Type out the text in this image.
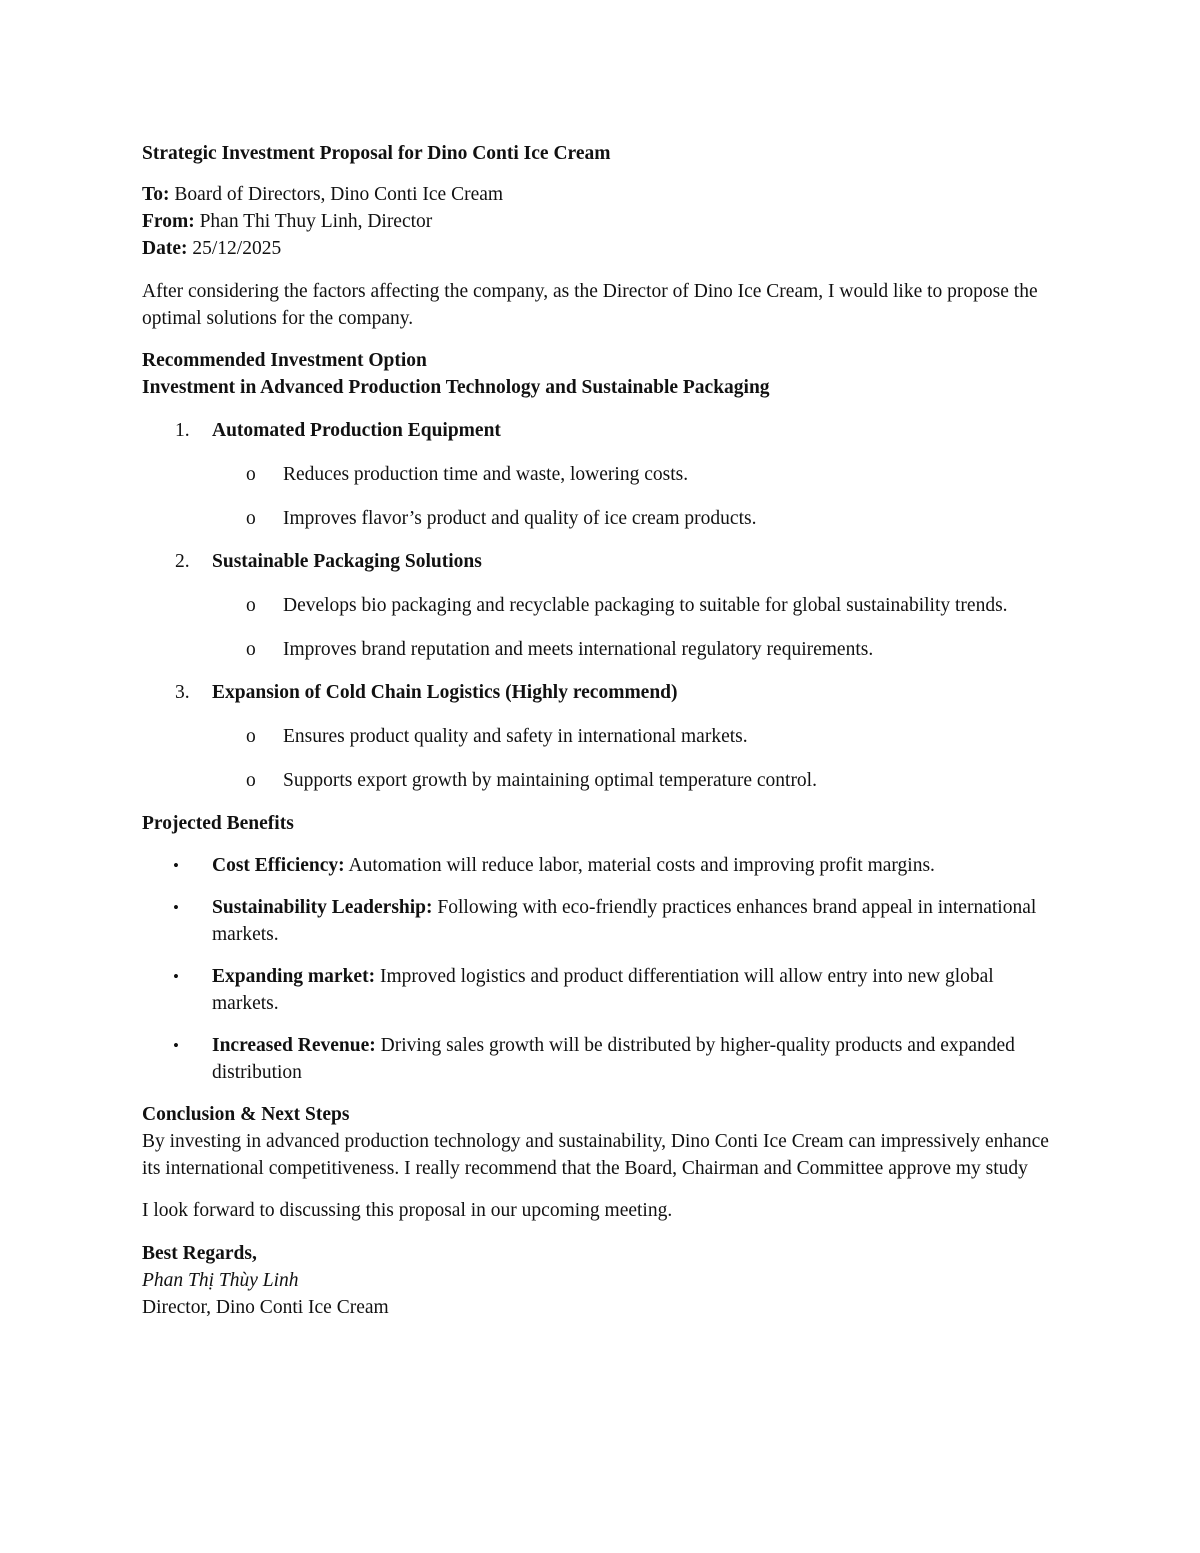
Strategic Investment Proposal for Dino Conti Ice Cream

To: Board of Directors, Dino Conti Ice Cream

From: Phan Thi Thuy Linh, Director

Date: 25/12/2025

After considering the factors affecting the company, as the Director of Dino Ice Cream, I would like to propose the optimal solutions for the company.

Recommended Investment Option

Investment in Advanced Production Technology and Sustainable Packaging

1. Automated Production Equipment
o Reduces production time and waste, lowering costs.
o Improves flavor’s product and quality of ice cream products.
2. Sustainable Packaging Solutions
o Develops bio packaging and recyclable packaging to suitable for global sustainability trends.
o Improves brand reputation and meets international regulatory requirements.
3. Expansion of Cold Chain Logistics (Highly recommend)
o Ensures product quality and safety in international markets.
o Supports export growth by maintaining optimal temperature control.

Projected Benefits

• Cost Efficiency: Automation will reduce labor, material costs and improving profit margins.
• Sustainability Leadership: Following with eco-friendly practices enhances brand appeal in international markets.
• Expanding market: Improved logistics and product differentiation will allow entry into new global markets.
• Increased Revenue: Driving sales growth will be distributed by higher-quality products and expanded distribution

Conclusion & Next Steps

By investing in advanced production technology and sustainability, Dino Conti Ice Cream can impressively enhance its international competitiveness. I really recommend that the Board, Chairman and Committee approve my study

I look forward to discussing this proposal in our upcoming meeting.

Best Regards,

Phan Thị Thùy Linh

Director, Dino Conti Ice Cream
